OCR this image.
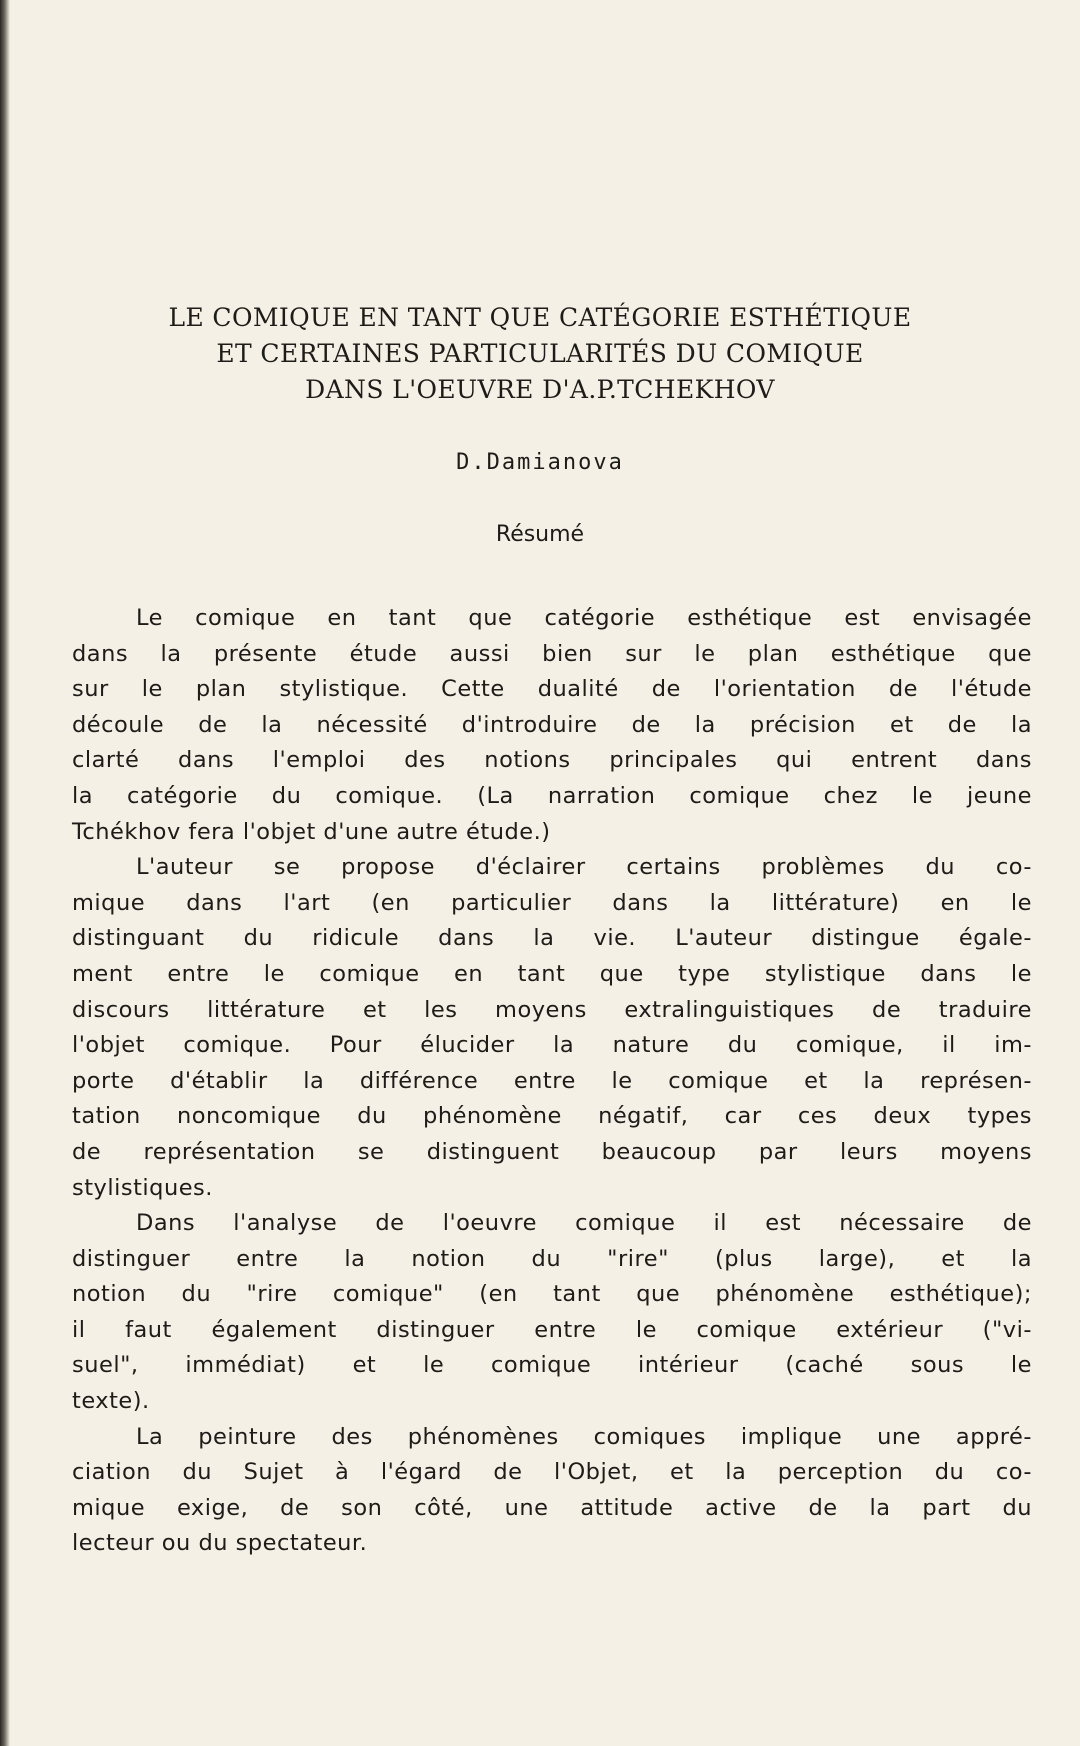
LE COMIQUE EN TANT QUE CATÉGORIE ESTHÉTIQUE
ET CERTAINES PARTICULARITÉS DU COMIQUE
DANS L'OEUVRE D'A.P.TCHEKHOV
D.Damianova
Résumé
Le comique en tant que catégorie esthétique est envisagée
dans la présente étude aussi bien sur le plan esthétique que
sur le plan stylistique. Cette dualité de l'orientation de l'étude
découle de la nécessité d'introduire de la précision et de la
clarté dans l'emploi des notions principales qui entrent dans
la catégorie du comique. (La narration comique chez le jeune
Tchékhov fera l'objet d'une autre étude.)
L'auteur se propose d'éclairer certains problèmes du co-
mique dans l'art (en particulier dans la littérature) en le
distinguant du ridicule dans la vie. L'auteur distingue égale-
ment entre le comique en tant que type stylistique dans le
discours littérature et les moyens extralinguistiques de traduire
l'objet comique. Pour élucider la nature du comique, il im-
porte d'établir la différence entre le comique et la représen-
tation noncomique du phénomène négatif, car ces deux types
de représentation se distinguent beaucoup par leurs moyens
stylistiques.
Dans l'analyse de l'oeuvre comique il est nécessaire de
distinguer entre la notion du "rire" (plus large), et la
notion du "rire comique" (en tant que phénomène esthétique);
il faut également distinguer entre le comique extérieur ("vi-
suel", immédiat) et le comique intérieur (caché sous le
texte).
La peinture des phénomènes comiques implique une appré-
ciation du Sujet à l'égard de l'Objet, et la perception du co-
mique exige, de son côté, une attitude active de la part du
lecteur ou du spectateur.
